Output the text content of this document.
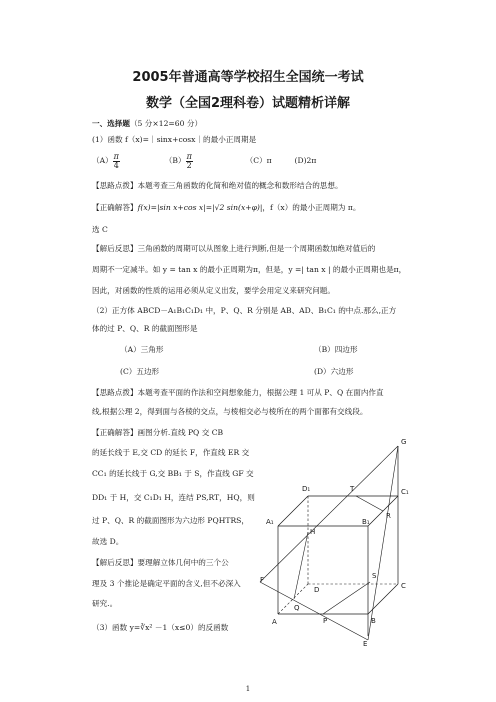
2005年普通高等学校招生全国统一考试
数学（全国2理科卷）试题精析详解
一、选择题（5 分×12=60 分）
(1）函数 f（x)=｜sinx+cosx｜的最小正周期是
$(A) \frac{\pi}{4}$	$(B) \frac{\pi}{2}$	（C）π	(D)2π
【思路点拨】本题考查三角函数的化简和绝对值的概念和数形结合的思想。
【正确解答】f(x)=|sin x+cos x|=|√2 sin(x+φ)|，f（x）的最小正周期为 π。
选 C
【解后反思】三角函数的周期可以从图象上进行判断,但是一个周期函数加绝对值后的
周期不一定减半。如 y = tan x 的最小正周期为π，但是，y =| tan x | 的最小正周期也是π，
因此，对函数的性质的运用必须从定义出发，要学会用定义来研究问题。
（2）正方体 ABCD－A₁B₁C₁D₁ 中，P、Q、R 分别是 AB、AD、B₁C₁ 的中点.那么,正方
体的过 P、Q、R 的截面图形是
（A）三角形	（B）四边形
(C）五边形	(D）六边形
【思路点拨】本题考查平面的作法和空间想象能力，根据公理 1 可从 P、Q 在面内作直
线,根据公理 2，得到面与各棱的交点，与棱相交必与棱所在的两个面都有交线段。
【正确解答】画图分析.直线 PQ 交 CB
的延长线于 E,交 CD 的延长 F，作直线 ER 交
CC₁ 的延长线于 G,交 BB₁ 于 S，作直线 GF 交
DD₁ 于 H，交 C₁D₁ H，连结 PS,RT，HQ，则
过 P、Q、R 的截面图形为六边形 PQHTRS，
故选 D。
【解后反思】要理解立体几何中的三个公
理及 3 个推论是确定平面的含义,但不必深入
研究.。
（3）函数 y=∛x² －1（x≤0）的反函数
G
D₁	T	C₁
A₁	B₁
R
H
S
F
D	C
Q
A	P	B
E
1
